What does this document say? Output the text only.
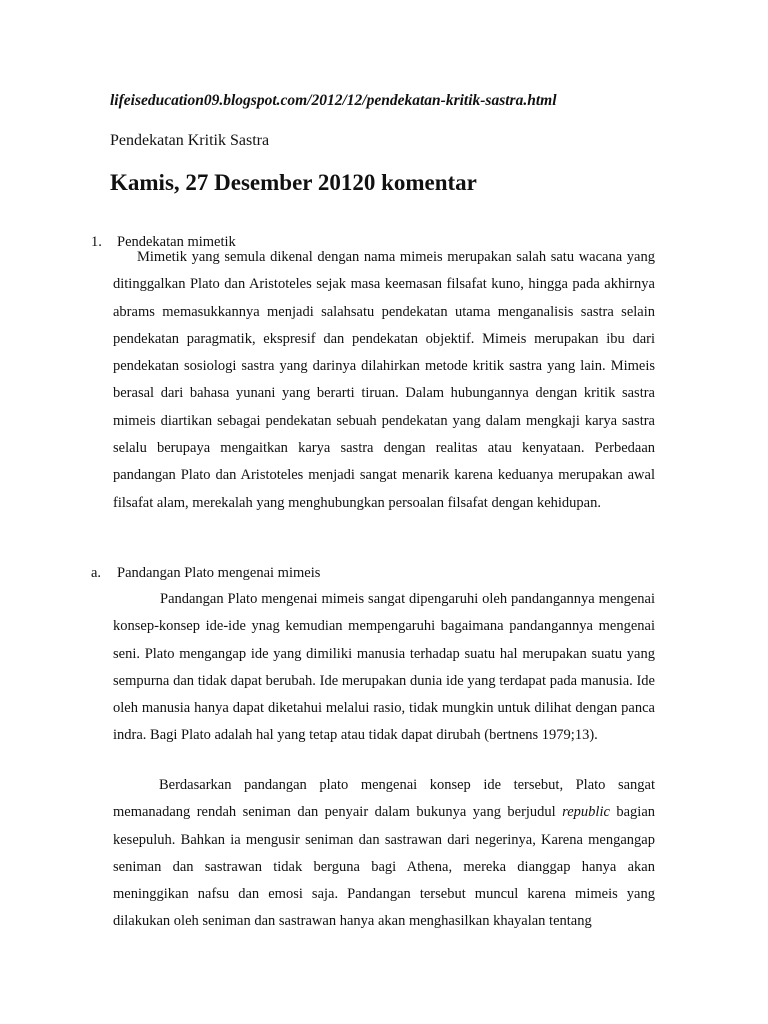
lifeiseducation09.blogspot.com/2012/12/pendekatan-kritik-sastra.html
Pendekatan Kritik Sastra
Kamis, 27 Desember 20120 komentar
1. Pendekatan mimetik

Mimetik yang semula dikenal dengan nama mimeis merupakan salah satu wacana yang ditinggalkan Plato dan Aristoteles sejak masa keemasan filsafat kuno, hingga pada akhirnya abrams memasukkannya menjadi salahsatu pendekatan utama menganalisis sastra selain pendekatan paragmatik, ekspresif dan pendekatan objektif. Mimeis merupakan ibu dari pendekatan sosiologi sastra yang darinya dilahirkan metode kritik sastra yang lain. Mimeis berasal dari bahasa yunani yang berarti tiruan. Dalam hubungannya dengan kritik sastra mimeis diartikan sebagai pendekatan sebuah pendekatan yang dalam mengkaji karya sastra selalu berupaya mengaitkan karya sastra dengan realitas atau kenyataan. Perbedaan pandangan Plato dan Aristoteles menjadi sangat menarik karena keduanya merupakan awal filsafat alam, merekalah yang menghubungkan persoalan filsafat dengan kehidupan.

a. Pandangan Plato mengenai mimeis

Pandangan Plato mengenai mimeis sangat dipengaruhi oleh pandangannya mengenai konsep-konsep ide-ide ynag kemudian mempengaruhi bagaimana pandangannya mengenai seni. Plato mengangap ide yang dimiliki manusia terhadap suatu hal merupakan suatu yang sempurna dan tidak dapat berubah. Ide merupakan dunia ide yang terdapat pada manusia. Ide oleh manusia hanya dapat diketahui melalui rasio, tidak mungkin untuk dilihat dengan panca indra. Bagi Plato adalah hal yang tetap atau tidak dapat dirubah (bertnens 1979;13).

Berdasarkan pandangan plato mengenai konsep ide tersebut, Plato sangat memanadang rendah seniman dan penyair dalam bukunya yang berjudul republic bagian kesepuluh. Bahkan ia mengusir seniman dan sastrawan dari negerinya, Karena mengangap seniman dan sastrawan tidak berguna bagi Athena, mereka dianggap hanya akan meninggikan nafsu dan emosi saja. Pandangan tersebut muncul karena mimeis yang dilakukan oleh seniman dan sastrawan hanya akan menghasilkan khayalan tentang
